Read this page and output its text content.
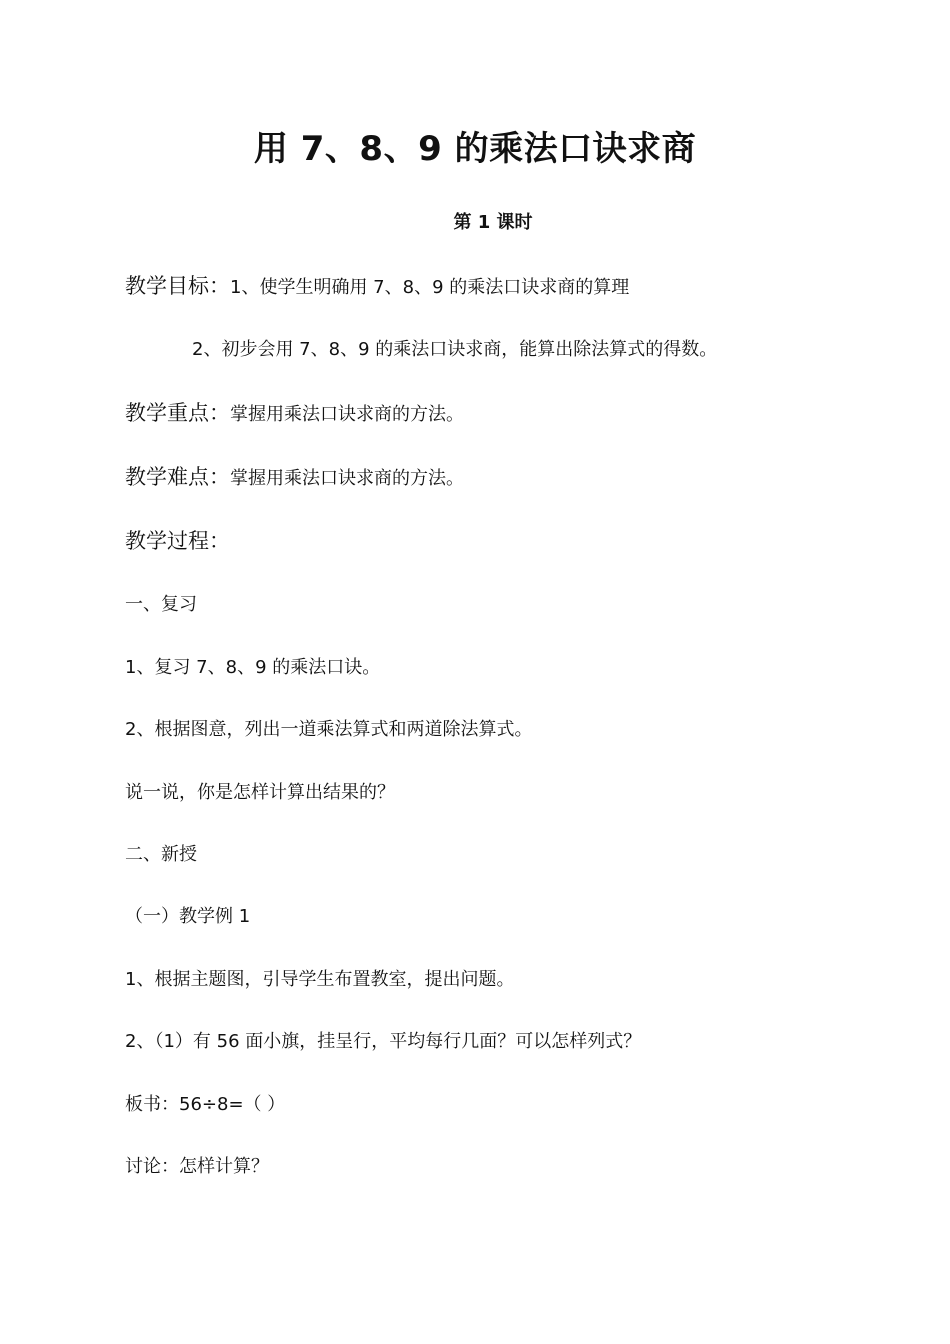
用 7、8、9 的乘法口诀求商
第 1 课时
教学目标：1、使学生明确用 7、8、9 的乘法口诀求商的算理
2、初步会用 7、8、9 的乘法口诀求商，能算出除法算式的得数。
教学重点：掌握用乘法口诀求商的方法。
教学难点：掌握用乘法口诀求商的方法。
教学过程：
一、复习
1、复习 7、8、9 的乘法口诀。
2、根据图意，列出一道乘法算式和两道除法算式。
说一说，你是怎样计算出结果的？
二、新授
（一）教学例 1
1、根据主题图，引导学生布置教室，提出问题。
2、（1）有 56 面小旗，挂呈行，平均每行几面？可以怎样列式？
板书：56÷8=（ ）
讨论：怎样计算？
